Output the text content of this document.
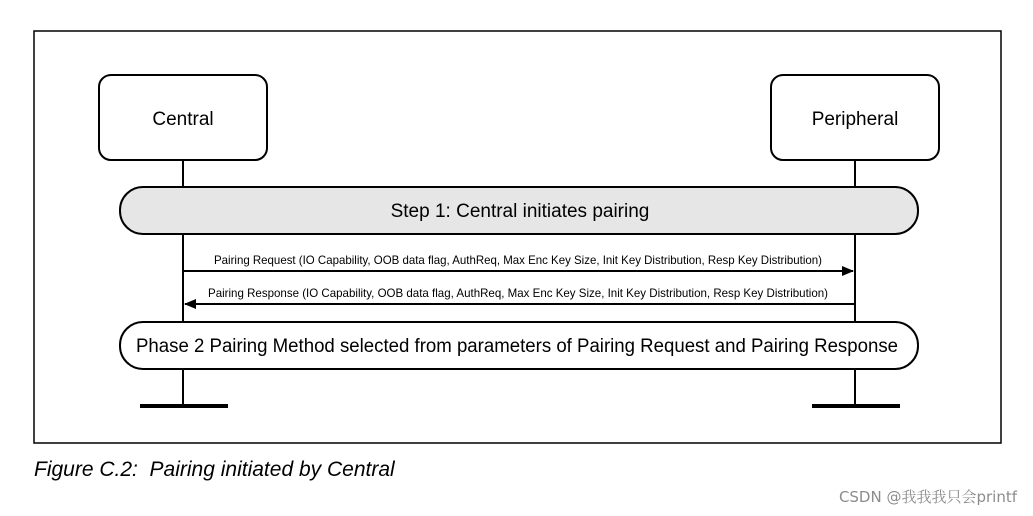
Central	Peripheral
Step 1: Central initiates pairing
Pairing Request (IO Capability, OOB data flag, AuthReq, Max Enc Key Size, Init Key Distribution, Resp Key Distribution)
Pairing Response (IO Capability, OOB data flag, AuthReq, Max Enc Key Size, Init Key Distribution, Resp Key Distribution)
Phase 2 Pairing Method selected from parameters of Pairing Request and Pairing Response
Figure C.2:  Pairing initiated by Central
CSDN @我我我只会printf
